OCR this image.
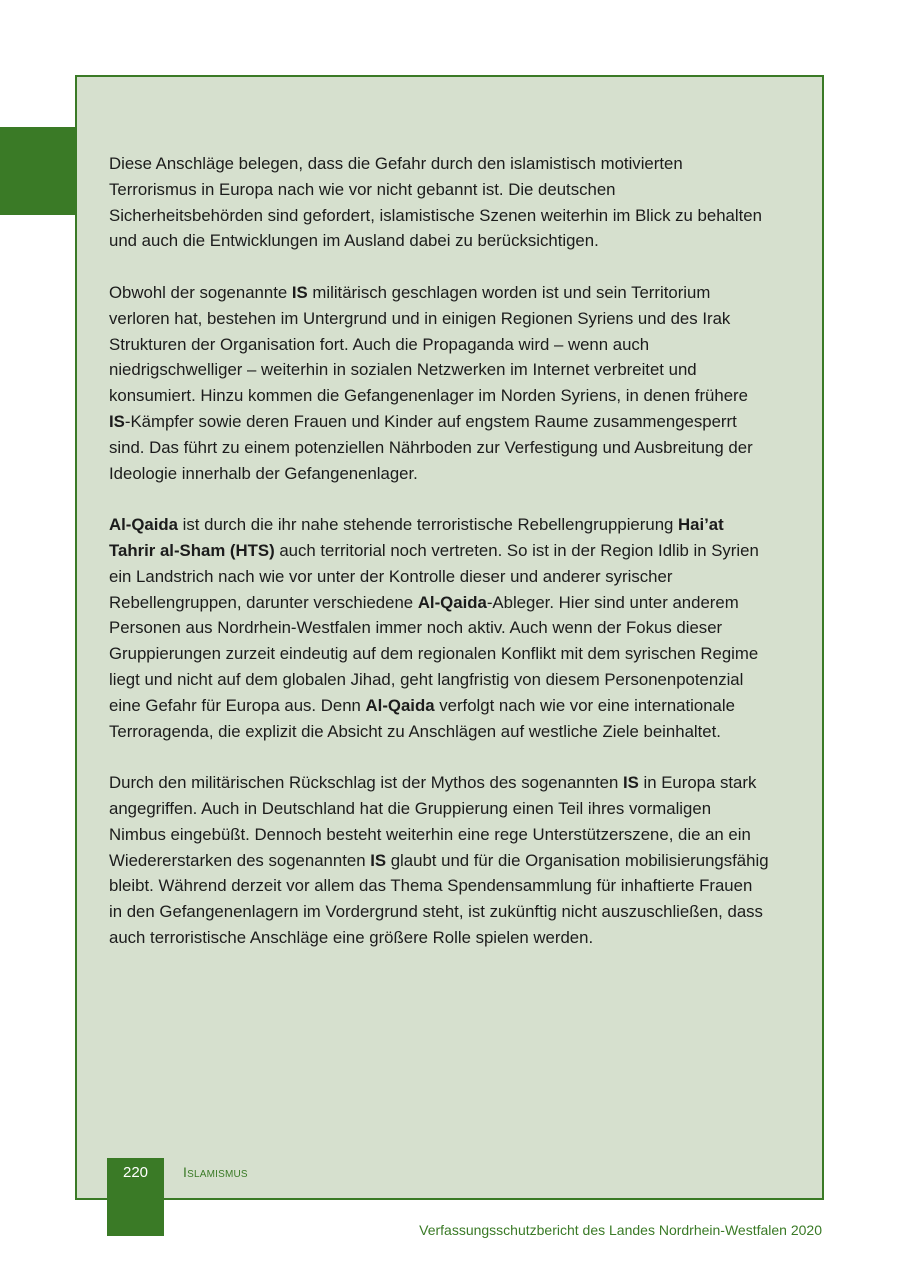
Diese Anschläge belegen, dass die Gefahr durch den islamistisch motivierten Terrorismus in Europa nach wie vor nicht gebannt ist. Die deutschen Sicherheitsbehörden sind gefordert, islamistische Szenen weiterhin im Blick zu behalten und auch die Entwicklungen im Ausland dabei zu berücksichtigen.

Obwohl der sogenannte IS militärisch geschlagen worden ist und sein Territorium verloren hat, bestehen im Untergrund und in einigen Regionen Syriens und des Irak Strukturen der Organisation fort. Auch die Propaganda wird – wenn auch niedrigschwelliger – weiterhin in sozialen Netzwerken im Internet verbreitet und konsumiert. Hinzu kommen die Gefangenenlager im Norden Syriens, in denen frühere IS-Kämpfer sowie deren Frauen und Kinder auf engstem Raume zusammengesperrt sind. Das führt zu einem potenziellen Nährboden zur Verfestigung und Ausbreitung der Ideologie innerhalb der Gefangenenlager.

Al-Qaida ist durch die ihr nahe stehende terroristische Rebellengruppierung Hai’at Tahrir al-Sham (HTS) auch territorial noch vertreten. So ist in der Region Idlib in Syrien ein Landstrich nach wie vor unter der Kontrolle dieser und anderer syrischer Rebellengruppen, darunter verschiedene Al-Qaida-Ableger. Hier sind unter anderem Personen aus Nordrhein-Westfalen immer noch aktiv. Auch wenn der Fokus dieser Gruppierungen zurzeit eindeutig auf dem regionalen Konflikt mit dem syrischen Regime liegt und nicht auf dem globalen Jihad, geht langfristig von diesem Personenpotenzial eine Gefahr für Europa aus. Denn Al-Qaida verfolgt nach wie vor eine internationale Terroragenda, die explizit die Absicht zu Anschlägen auf westliche Ziele beinhaltet.

Durch den militärischen Rückschlag ist der Mythos des sogenannten IS in Europa stark angegriffen. Auch in Deutschland hat die Gruppierung einen Teil ihres vormaligen Nimbus eingebüßt. Dennoch besteht weiterhin eine rege Unterstützerszene, die an ein Wiedererstarken des sogenannten IS glaubt und für die Organisation mobilisierungsfähig bleibt. Während derzeit vor allem das Thema Spendensammlung für inhaftierte Frauen in den Gefangenenlagern im Vordergrund steht, ist zukünftig nicht auszuschließen, dass auch terroristische Anschläge eine größere Rolle spielen werden.

220	Islamismus
Verfassungsschutzbericht des Landes Nordrhein-Westfalen 2020
